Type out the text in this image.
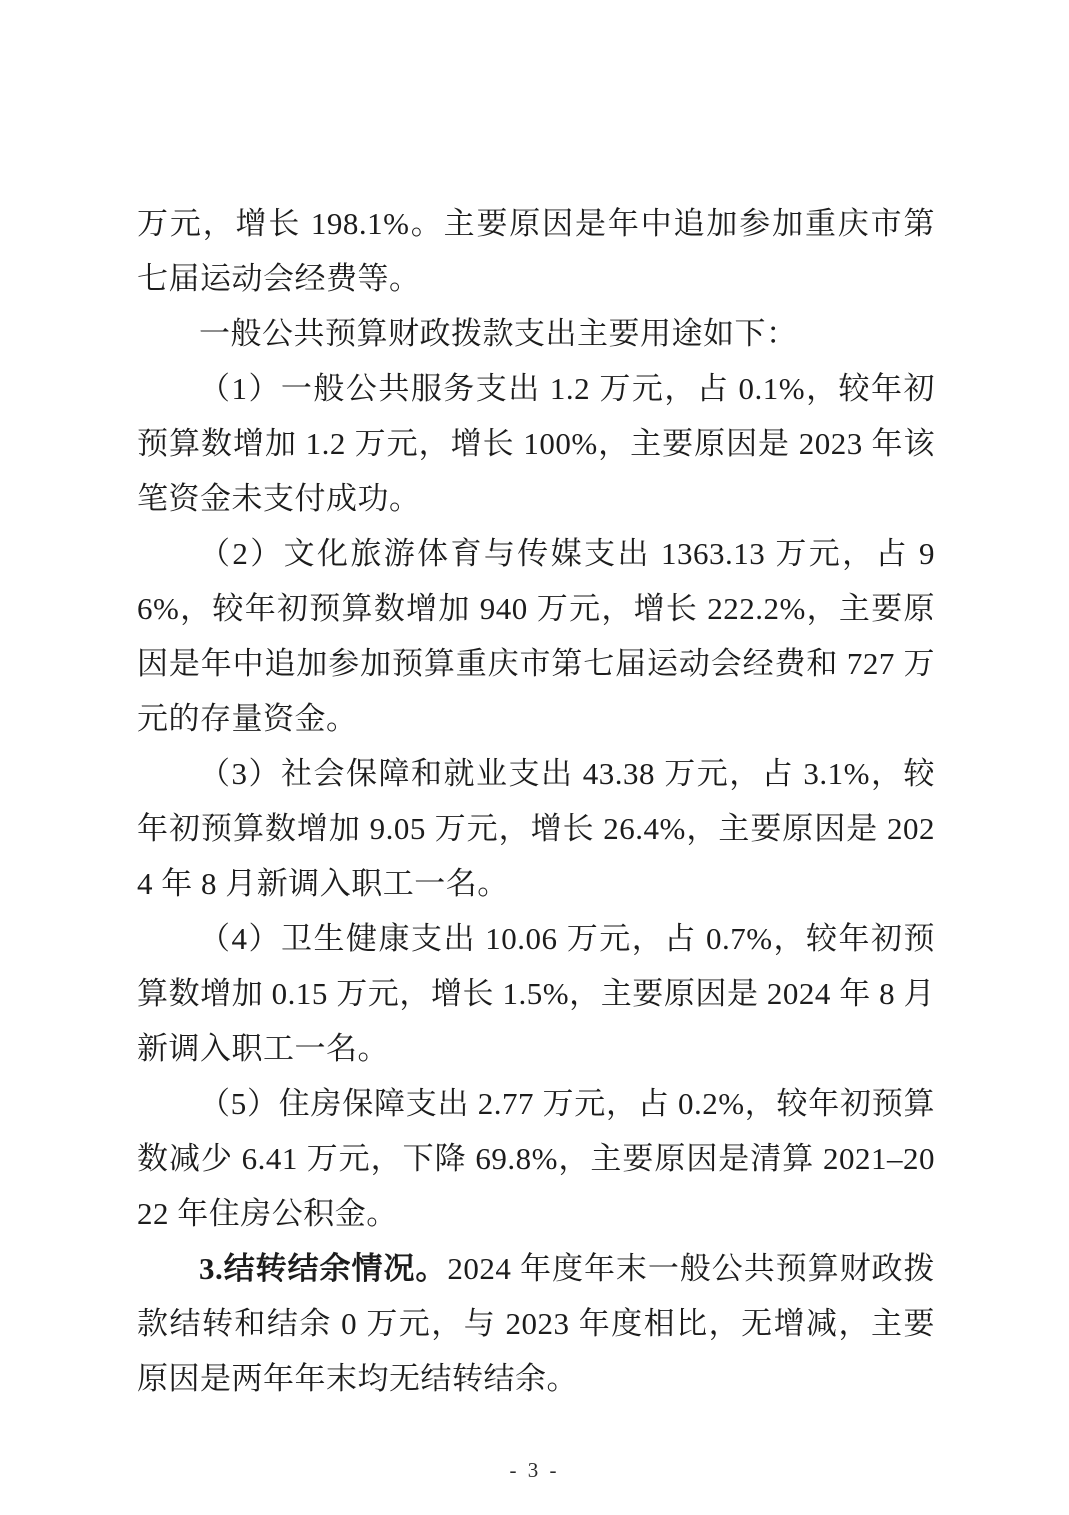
万元，增长 198.1%。主要原因是年中追加参加重庆市第七届运动会经费等。

一般公共预算财政拨款支出主要用途如下：

（1）一般公共服务支出 1.2 万元，占 0.1%，较年初预算数增加 1.2 万元，增长 100%，主要原因是 2023 年该笔资金未支付成功。

（2）文化旅游体育与传媒支出 1363.13 万元，占 96%，较年初预算数增加 940 万元，增长 222.2%，主要原因是年中追加参加预算重庆市第七届运动会经费和 727 万元的存量资金。

（3）社会保障和就业支出 43.38 万元，占 3.1%，较年初预算数增加 9.05 万元，增长 26.4%，主要原因是 2024 年 8 月新调入职工一名。

（4）卫生健康支出 10.06 万元，占 0.7%，较年初预算数增加 0.15 万元，增长 1.5%，主要原因是 2024 年 8 月新调入职工一名。

（5）住房保障支出 2.77 万元，占 0.2%，较年初预算数减少 6.41 万元，下降 69.8%，主要原因是清算 2021–2022 年住房公积金。

3.结转结余情况。2024 年度年末一般公共预算财政拨款结转和结余 0 万元，与 2023 年度相比，无增减，主要原因是两年年末均无结转结余。

- 3 -
